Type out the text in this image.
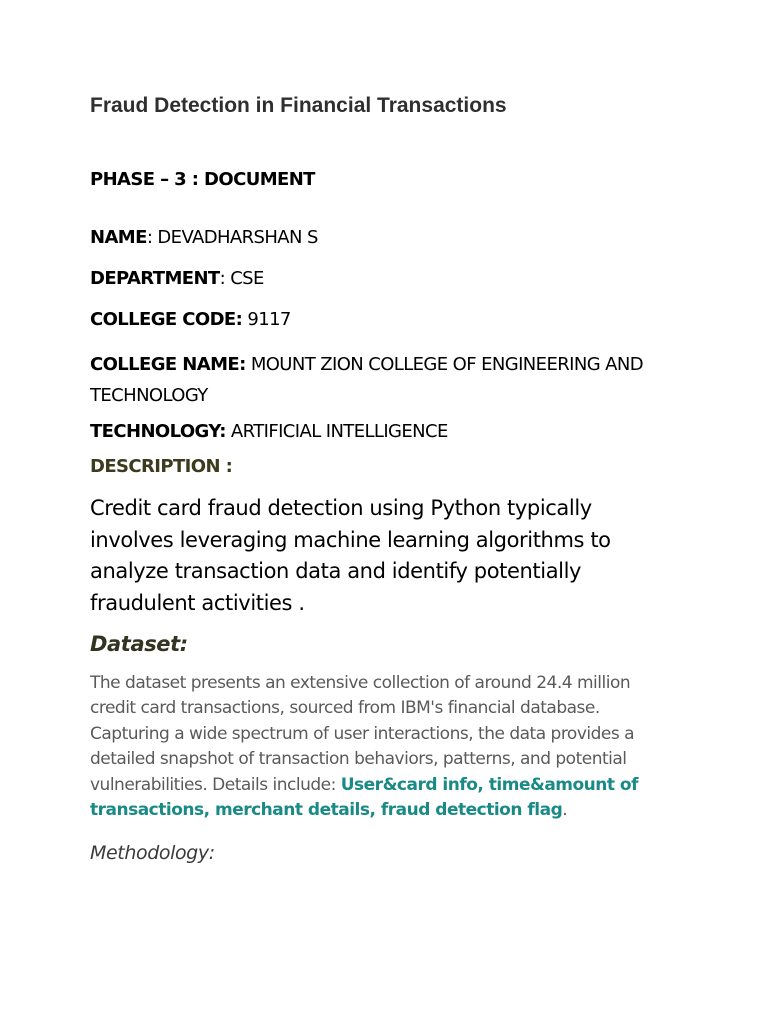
Fraud Detection in Financial Transactions
PHASE – 3 : DOCUMENT
NAME: DEVADHARSHAN S
DEPARTMENT: CSE
COLLEGE CODE: 9117
COLLEGE NAME: MOUNT ZION COLLEGE OF ENGINEERING AND TECHNOLOGY
TECHNOLOGY: ARTIFICIAL INTELLIGENCE
DESCRIPTION :
Credit card fraud detection using Python typically involves leveraging machine learning algorithms to analyze transaction data and identify potentially fraudulent activities .
Dataset:
The dataset presents an extensive collection of around 24.4 million credit card transactions, sourced from IBM's financial database. Capturing a wide spectrum of user interactions, the data provides a detailed snapshot of transaction behaviors, patterns, and potential vulnerabilities. Details include: User&card info, time&amount of transactions, merchant details, fraud detection flag.
Methodology:
